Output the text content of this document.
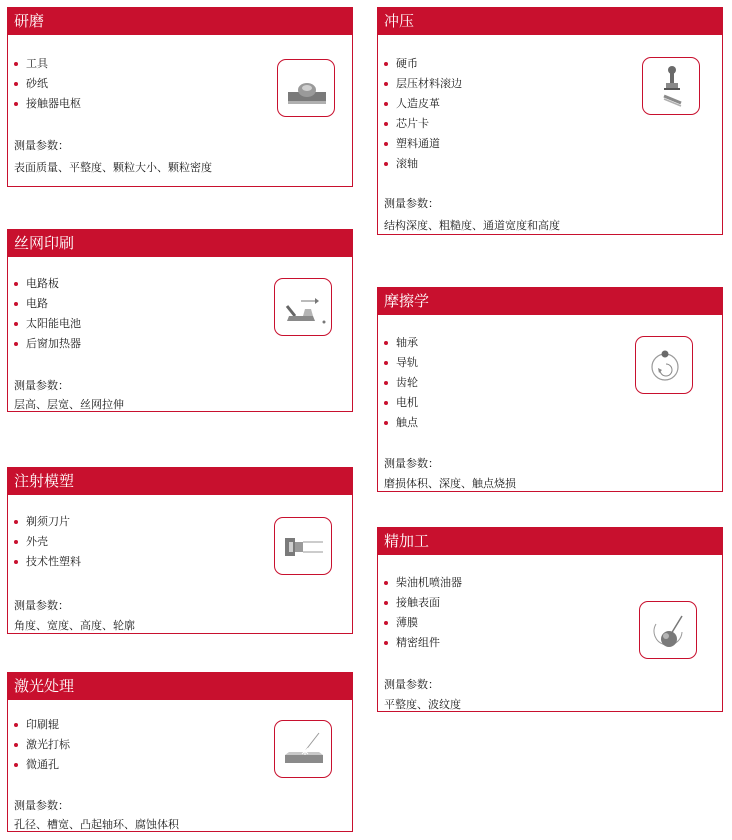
研磨
工具
砂纸
接触器电枢
测量参数：
表面质量、平整度、颗粒大小、颗粒密度
冲压
硬币
层压材料滚边
人造皮革
芯片卡
塑料通道
滚轴
测量参数：
结构深度、粗糙度、通道宽度和高度
丝网印刷
电路板
电路
太阳能电池
后窗加热器
测量参数：
层高、层宽、丝网拉伸
摩擦学
轴承
导轨
齿轮
电机
触点
测量参数：
磨损体积、深度、触点烧损
注射模塑
剃须刀片
外壳
技术性塑料
测量参数：
角度、宽度、高度、轮廓
精加工
柴油机喷油器
接触表面
薄膜
精密组件
测量参数：
平整度、波纹度
激光处理
印刷辊
激光打标
微通孔
测量参数：
孔径、槽宽、凸起轴环、腐蚀体积
